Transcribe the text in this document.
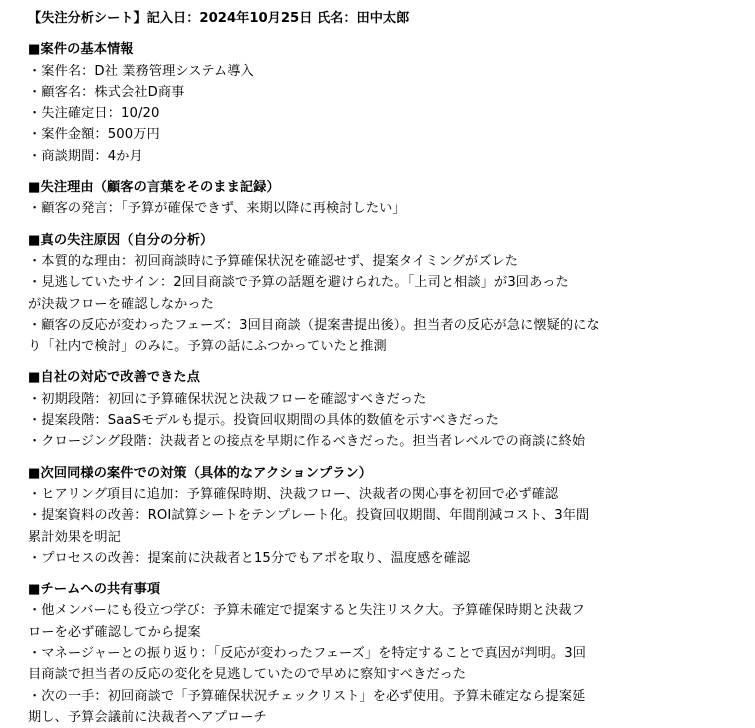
【失注分析シート】記入日：2024年10月25日 氏名：田中太郎
■案件の基本情報
・案件名：D社 業務管理システム導入
・顧客名：株式会社D商事
・失注確定日：10/20
・案件金額：500万円
・商談期間：4か月
■失注理由（顧客の言葉をそのまま記録）
・顧客の発言：「予算が確保できず、来期以降に再検討したい」
■真の失注原因（自分の分析）
・本質的な理由：初回商談時に予算確保状況を確認せず、提案タイミングがズレた
・見逃していたサイン：2回目商談で予算の話題を避けられた。「上司と相談」が3回あった
が決裁フローを確認しなかった
・顧客の反応が変わったフェーズ：3回目商談（提案書提出後）。担当者の反応が急に懐疑的にな
り「社内で検討」のみに。予算の話にふつかっていたと推測
■自社の対応で改善できた点
・初期段階：初回に予算確保状況と決裁フローを確認すべきだった
・提案段階：SaaSモデルも提示。投資回収期間の具体的数値を示すべきだった
・クロージング段階：決裁者との接点を早期に作るべきだった。担当者レベルでの商談に終始
■次回同様の案件での対策（具体的なアクションプラン）
・ヒアリング項目に追加：予算確保時期、決裁フロー、決裁者の関心事を初回で必ず確認
・提案資料の改善：ROI試算シートをテンプレート化。投資回収期間、年間削減コスト、3年間
累計効果を明記
・プロセスの改善：提案前に決裁者と15分でもアポを取り、温度感を確認
■チームへの共有事項
・他メンバーにも役立つ学び：予算未確定で提案すると失注リスク大。予算確保時期と決裁フ
ローを必ず確認してから提案
・マネージャーとの振り返り：「反応が変わったフェーズ」を特定することで真因が判明。3回
目商談で担当者の反応の変化を見逃していたので早めに察知すべきだった
・次の一手：初回商談で「予算確保状況チェックリスト」を必ず使用。予算未確定なら提案延
期し、予算会議前に決裁者へアプローチ
